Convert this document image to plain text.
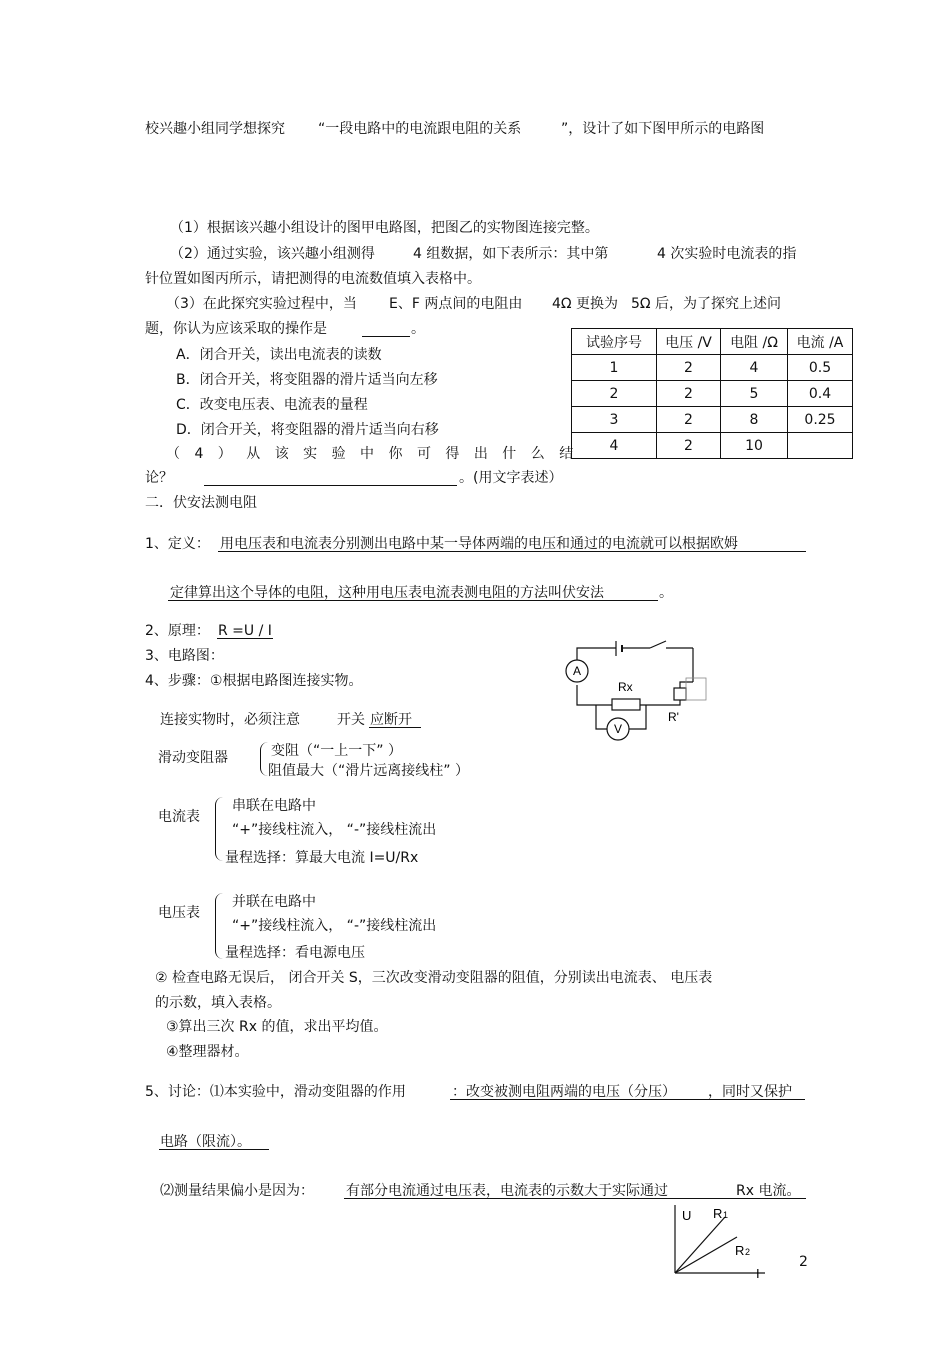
校兴趣小组同学想探究 “一段电路中的电流跟电阻的关系	”，设计了如下图甲所示的电路图
（1）根据该兴趣小组设计的图甲电路图，把图乙的实物图连接完整。
（2）通过实验，该兴趣小组测得	4 组数据，如下表所示：其中第	4 次实验时电流表的指
针位置如图丙所示，请把测得的电流数值填入表格中。
（3）在此探究实验过程中，当 E、F 两点间的电阻由 4Ω 更换为 5Ω 后，为了探究上述问
题，你认为应该采取的操作是	。
A．闭合开关，读出电流表的读数
B．闭合开关，将变阻器的滑片适当向左移
C．改变电压表、电流表的量程
D．闭合开关，将变阻器的滑片适当向右移
（ 4 ） 从 该 实 验 中 你 可 得 出 什 么 结
论？	。(用文字表述）
试验序号	电压 /V	电阻 /Ω	电流 /A
1	2	4	0.5
2	2	5	0.4
3	2	8	0.25
4	2	10	
二．伏安法测电阻
1、定义： 用电压表和电流表分别测出电路中某一导体两端的电压和通过的电流就可以根据欧姆
定律算出这个导体的电阻，这种用电压表电流表测电阻的方法叫伏安法	。
2、原理： R =U / I
3、电路图：
4、步骤：①根据电路图连接实物。
连接实物时，必须注意	开关 应断开
滑动变阻器	变阻（“一上一下” ）
阻值最大（“滑片远离接线柱” ）
电流表
串联在电路中
“+”接线柱流入， “-”接线柱流出
量程选择：算最大电流 I=U/Rx
电压表
并联在电路中
“+”接线柱流入， “-”接线柱流出
量程选择：看电源电压
② 检查电路无误后， 闭合开关 S，三次改变滑动变阻器的阻值，分别读出电流表、 电压表
的示数，填入表格。
③算出三次 Rx 的值，求出平均值。
④整理器材。
5、讨论：⑴本实验中，滑动变阻器的作用	：改变被测电阻两端的电压（分压） ，同时又保护
电路（限流）。
⑵测量结果偏小是因为： 有部分电流通过电压表，电流表的示数大于实际通过	Rx 电流。
A
V
Rx
R'
U
I
R 1
R 2
2
